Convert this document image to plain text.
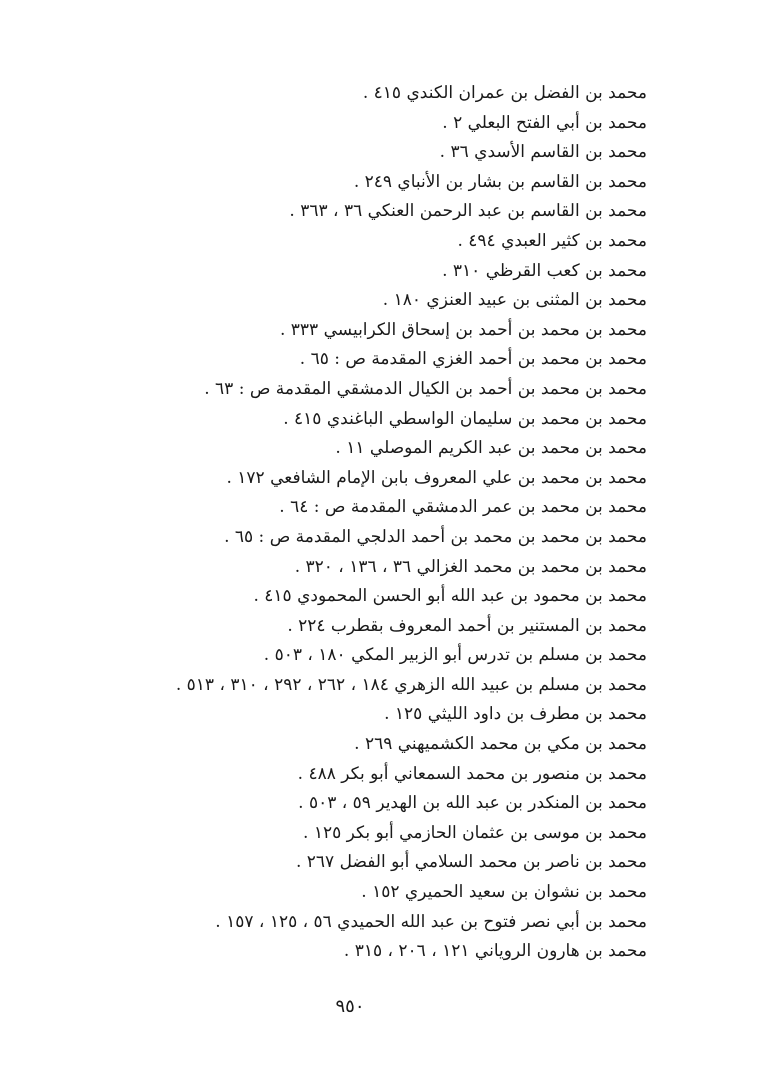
محمد بن الفضل بن عمران الكندي ٤١٥ .
محمد بن أبي الفتح البعلي ٢ .
محمد بن القاسم الأسدي ٣٦ .
محمد بن القاسم بن بشار بن الأنباي ٢٤٩ .
محمد بن القاسم بن عبد الرحمن العنكي ٣٦ ، ٣٦٣ .
محمد بن كثير العبدي ٤٩٤ .
محمد بن كعب القرظي ٣١٠ .
محمد بن المثنى بن عبيد العنزي ١٨٠ .
محمد بن محمد بن أحمد بن إسحاق الكرابيسي ٣٣٣ .
محمد بن محمد بن أحمد الغزي المقدمة ص : ٦٥ .
محمد بن محمد بن أحمد بن الكيال الدمشقي المقدمة ص : ٦٣ .
محمد بن محمد بن سليمان الواسطي الباغندي ٤١٥ .
محمد بن محمد بن عبد الكريم الموصلي ١١ .
محمد بن محمد بن علي المعروف بابن الإمام الشافعي ١٧٢ .
محمد بن محمد بن عمر الدمشقي المقدمة ص : ٦٤ .
محمد بن محمد بن محمد بن أحمد الدلجي المقدمة ص : ٦٥ .
محمد بن محمد بن محمد الغزالي ٣٦ ، ١٣٦ ، ٣٢٠ .
محمد بن محمود بن عبد الله أبو الحسن المحمودي ٤١٥ .
محمد بن المستنير بن أحمد المعروف بقطرب ٢٢٤ .
محمد بن مسلم بن تدرس أبو الزبير المكي ١٨٠ ، ٥٠٣ .
محمد بن مسلم بن عبيد الله الزهري ١٨٤ ، ٢٦٢ ، ٢٩٢ ، ٣١٠ ، ٥١٣ .
محمد بن مطرف بن داود الليثي ١٢٥ .
محمد بن مكي بن محمد الكشميهني ٢٦٩ .
محمد بن منصور بن محمد السمعاني أبو بكر ٤٨٨ .
محمد بن المنكدر بن عبد الله بن الهدير ٥٩ ، ٥٠٣ .
محمد بن موسى بن عثمان الحازمي أبو بكر ١٢٥ .
محمد بن ناصر بن محمد السلامي أبو الفضل ٢٦٧ .
محمد بن نشوان بن سعيد الحميري ١٥٢ .
محمد بن أبي نصر فتوح بن عبد الله الحميدي ٥٦ ، ١٢٥ ، ١٥٧ .
محمد بن هارون الروياني ١٢١ ، ٢٠٦ ، ٣١٥ .
٩٥٠
